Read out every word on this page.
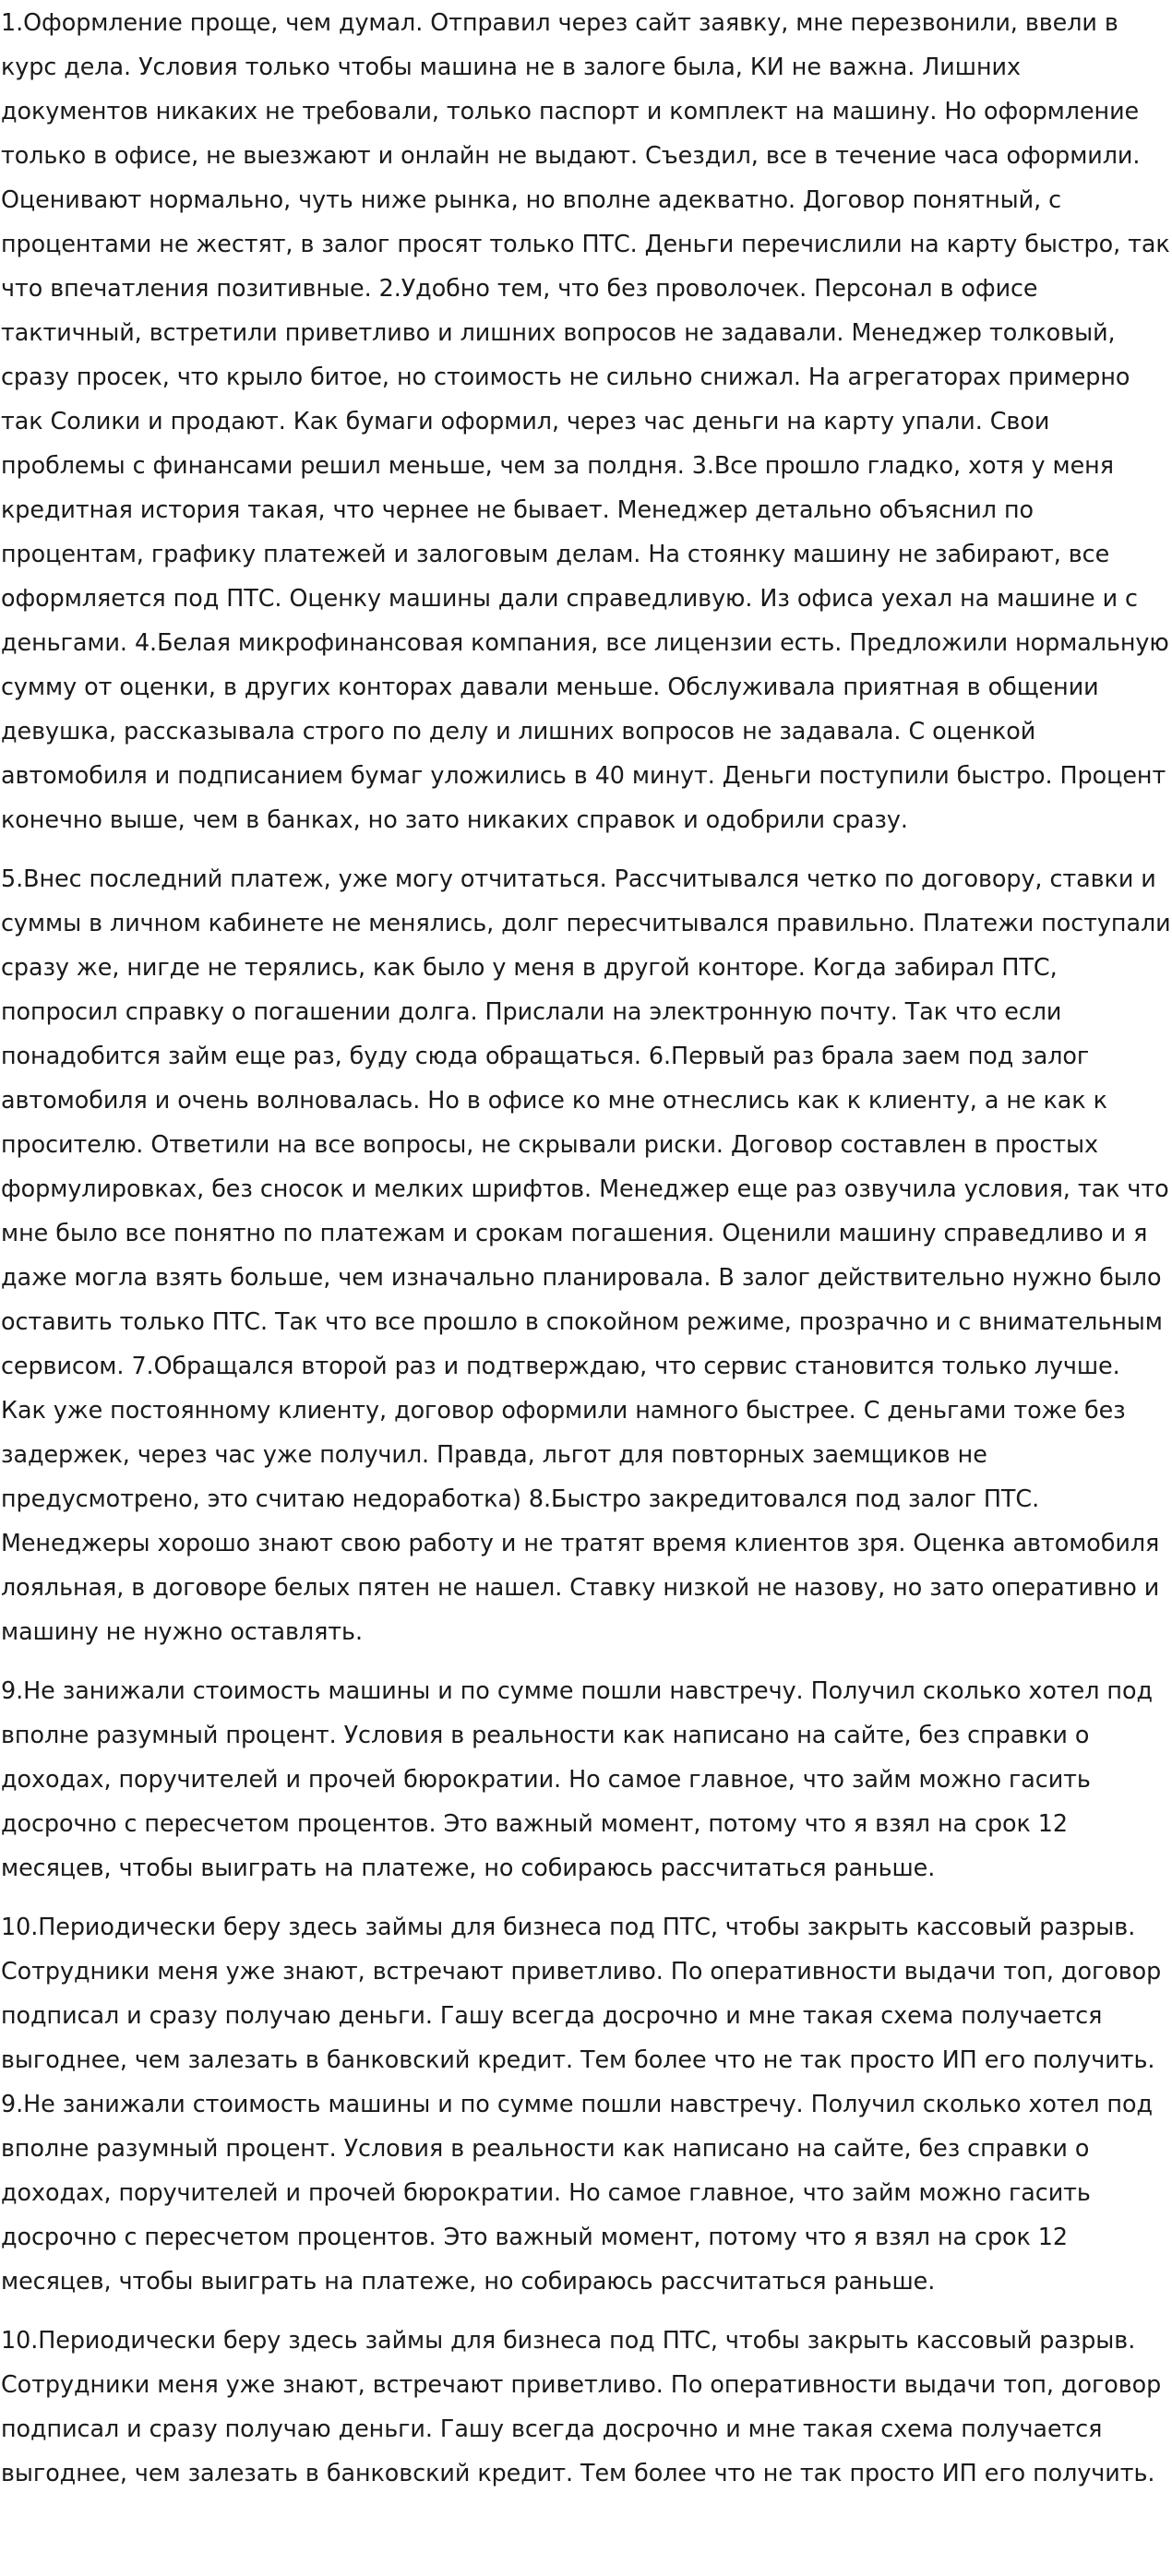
1.Оформление проще, чем думал. Отправил через сайт заявку, мне перезвонили, ввели в курс дела. Условия только чтобы машина не в залоге была, КИ не важна. Лишних документов никаких не требовали, только паспорт и комплект на машину. Но оформление только в офисе, не выезжают и онлайн не выдают. Съездил, все в течение часа оформили. Оценивают нормально, чуть ниже рынка, но вполне адекватно. Договор понятный, с процентами не жестят, в залог просят только ПТС. Деньги перечислили на карту быстро, так что впечатления позитивные. 2.Удобно тем, что без проволочек. Персонал в офисе тактичный, встретили приветливо и лишних вопросов не задавали. Менеджер толковый, сразу просек, что крыло битое, но стоимость не сильно снижал. На агрегаторах примерно так Солики и продают. Как бумаги оформил, через час деньги на карту упали. Свои проблемы с финансами решил меньше, чем за полдня. 3.Все прошло гладко, хотя у меня кредитная история такая, что чернее не бывает. Менеджер детально объяснил по процентам, графику платежей и залоговым делам. На стоянку машину не забирают, все оформляется под ПТС. Оценку машины дали справедливую. Из офиса уехал на машине и с деньгами. 4.Белая микрофинансовая компания, все лицензии есть. Предложили нормальную сумму от оценки, в других конторах давали меньше. Обслуживала приятная в общении девушка, рассказывала строго по делу и лишних вопросов не задавала. С оценкой автомобиля и подписанием бумаг уложились в 40 минут. Деньги поступили быстро. Процент конечно выше, чем в банках, но зато никаких справок и одобрили сразу.

5.Внес последний платеж, уже могу отчитаться. Рассчитывался четко по договору, ставки и суммы в личном кабинете не менялись, долг пересчитывался правильно. Платежи поступали сразу же, нигде не терялись, как было у меня в другой конторе. Когда забирал ПТС, попросил справку о погашении долга. Прислали на электронную почту. Так что если понадобится займ еще раз, буду сюда обращаться. 6.Первый раз брала заем под залог автомобиля и очень волновалась. Но в офисе ко мне отнеслись как к клиенту, а не как к просителю. Ответили на все вопросы, не скрывали риски. Договор составлен в простых формулировках, без сносок и мелких шрифтов. Менеджер еще раз озвучила условия, так что мне было все понятно по платежам и срокам погашения. Оценили машину справедливо и я даже могла взять больше, чем изначально планировала. В залог действительно нужно было оставить только ПТС. Так что все прошло в спокойном режиме, прозрачно и с внимательным сервисом. 7.Обращался второй раз и подтверждаю, что сервис становится только лучше. Как уже постоянному клиенту, договор оформили намного быстрее. С деньгами тоже без задержек, через час уже получил. Правда, льгот для повторных заемщиков не предусмотрено, это считаю недоработка) 8.Быстро закредитовался под залог ПТС. Менеджеры хорошо знают свою работу и не тратят время клиентов зря. Оценка автомобиля лояльная, в договоре белых пятен не нашел. Ставку низкой не назову, но зато оперативно и машину не нужно оставлять.

9.Не занижали стоимость машины и по сумме пошли навстречу. Получил сколько хотел под вполне разумный процент. Условия в реальности как написано на сайте, без справки о доходах, поручителей и прочей бюрократии. Но самое главное, что займ можно гасить досрочно с пересчетом процентов. Это важный момент, потому что я взял на срок 12 месяцев, чтобы выиграть на платеже, но собираюсь рассчитаться раньше.

10.Периодически беру здесь займы для бизнеса под ПТС, чтобы закрыть кассовый разрыв. Сотрудники меня уже знают, встречают приветливо. По оперативности выдачи топ, договор подписал и сразу получаю деньги. Гашу всегда досрочно и мне такая схема получается выгоднее, чем залезать в банковский кредит. Тем более что не так просто ИП его получить. 9.Не занижали стоимость машины и по сумме пошли навстречу. Получил сколько хотел под вполне разумный процент. Условия в реальности как написано на сайте, без справки о доходах, поручителей и прочей бюрократии. Но самое главное, что займ можно гасить досрочно с пересчетом процентов. Это важный момент, потому что я взял на срок 12 месяцев, чтобы выиграть на платеже, но собираюсь рассчитаться раньше.

10.Периодически беру здесь займы для бизнеса под ПТС, чтобы закрыть кассовый разрыв. Сотрудники меня уже знают, встречают приветливо. По оперативности выдачи топ, договор подписал и сразу получаю деньги. Гашу всегда досрочно и мне такая схема получается выгоднее, чем залезать в банковский кредит. Тем более что не так просто ИП его получить.
